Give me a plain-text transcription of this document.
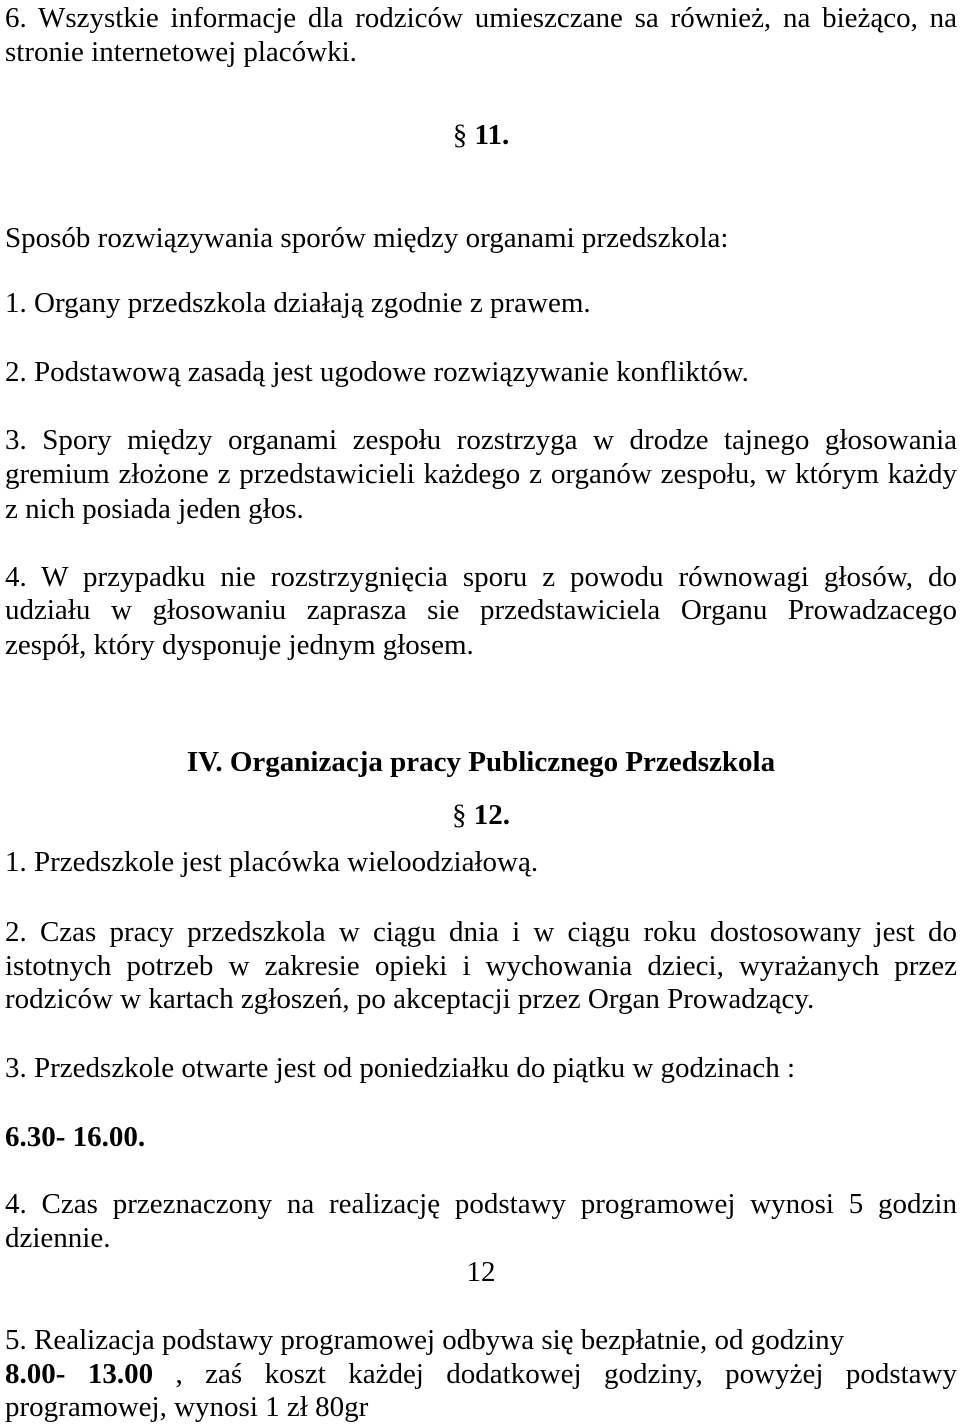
6. Wszystkie informacje dla rodziców umieszczane sa również, na bieżąco, na
stronie internetowej placówki.
§ 11.
Sposób rozwiązywania sporów między organami przedszkola:
1. Organy przedszkola działają zgodnie z prawem.
2. Podstawową zasadą jest ugodowe rozwiązywanie konfliktów.
3. Spory między organami zespołu rozstrzyga w drodze tajnego głosowania
gremium złożone z przedstawicieli każdego z organów zespołu, w którym każdy
z nich posiada jeden głos.
4. W przypadku nie rozstrzygnięcia sporu z powodu równowagi głosów, do
udziału w głosowaniu zaprasza sie przedstawiciela Organu Prowadzacego
zespół, który dysponuje jednym głosem.
IV. Organizacja pracy Publicznego Przedszkola
§ 12.
1. Przedszkole jest placówka wieloodziałową.
2. Czas pracy przedszkola w ciągu dnia i w ciągu roku dostosowany jest do
istotnych potrzeb w zakresie opieki i wychowania dzieci, wyrażanych przez
rodziców w kartach zgłoszeń, po akceptacji przez Organ Prowadzący.
3. Przedszkole otwarte jest od poniedziałku do piątku w godzinach :
6.30- 16.00.
4. Czas przeznaczony na realizację podstawy programowej wynosi 5 godzin
dziennie.
12
5. Realizacja podstawy programowej odbywa się bezpłatnie, od godziny
8.00- 13.00 , zaś koszt każdej dodatkowej godziny, powyżej podstawy
programowej, wynosi 1 zł 80gr
